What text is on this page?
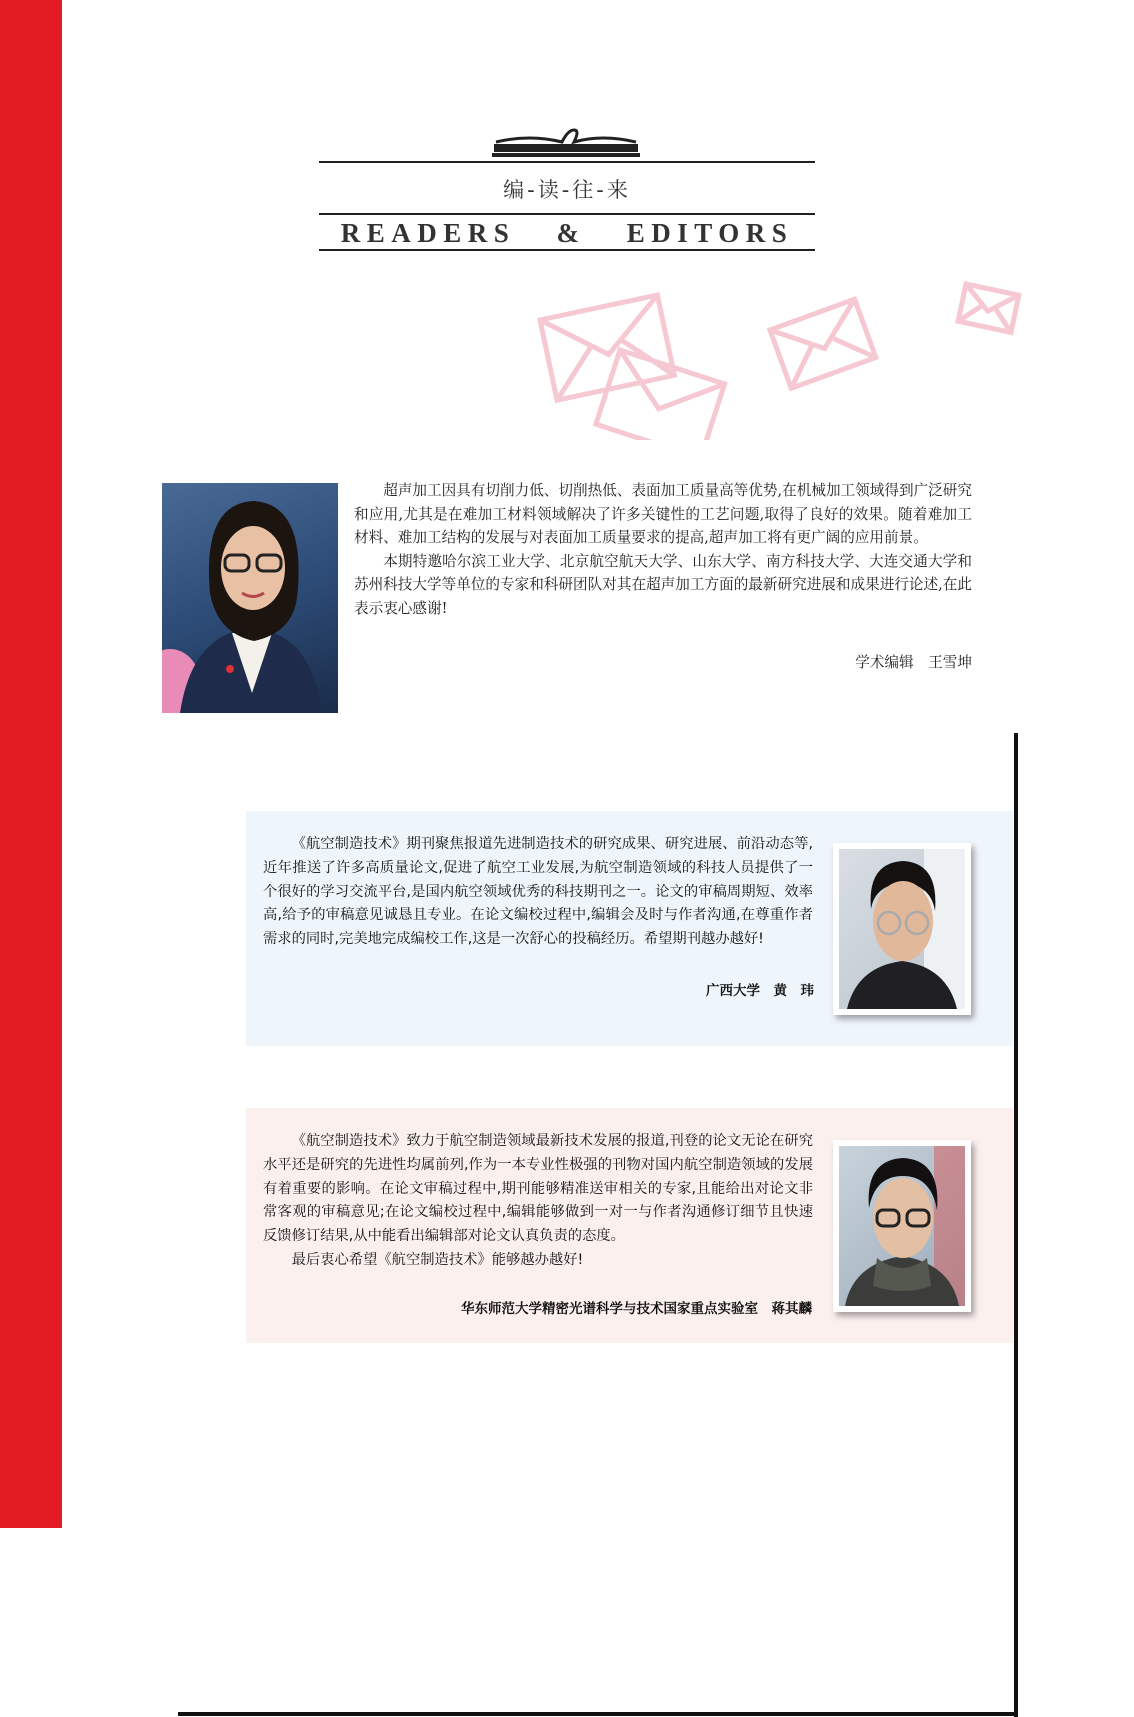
编-读-往-来
READERS & EDITORS

超声加工因具有切削力低、切削热低、表面加工质量高等优势,在机械加工领域得到广泛研究和应用,尤其是在难加工材料领域解决了许多关键性的工艺问题,取得了良好的效果。随着难加工材料、难加工结构的发展与对表面加工质量要求的提高,超声加工将有更广阔的应用前景。

本期特邀哈尔滨工业大学、北京航空航天大学、山东大学、南方科技大学、大连交通大学和苏州科技大学等单位的专家和科研团队对其在超声加工方面的最新研究进展和成果进行论述,在此表示衷心感谢!

学术编辑　王雪坤

《航空制造技术》期刊聚焦报道先进制造技术的研究成果、研究进展、前沿动态等,近年推送了许多高质量论文,促进了航空工业发展,为航空制造领域的科技人员提供了一个很好的学习交流平台,是国内航空领域优秀的科技期刊之一。论文的审稿周期短、效率高,给予的审稿意见诚恳且专业。在论文编校过程中,编辑会及时与作者沟通,在尊重作者需求的同时,完美地完成编校工作,这是一次舒心的投稿经历。希望期刊越办越好!

广西大学　黄　玮

《航空制造技术》致力于航空制造领域最新技术发展的报道,刊登的论文无论在研究水平还是研究的先进性均属前列,作为一本专业性极强的刊物对国内航空制造领域的发展有着重要的影响。在论文审稿过程中,期刊能够精准送审相关的专家,且能给出对论文非常客观的审稿意见;在论文编校过程中,编辑能够做到一对一与作者沟通修订细节且快速反馈修订结果,从中能看出编辑部对论文认真负责的态度。

最后衷心希望《航空制造技术》能够越办越好!

华东师范大学精密光谱科学与技术国家重点实验室　蒋其麟
